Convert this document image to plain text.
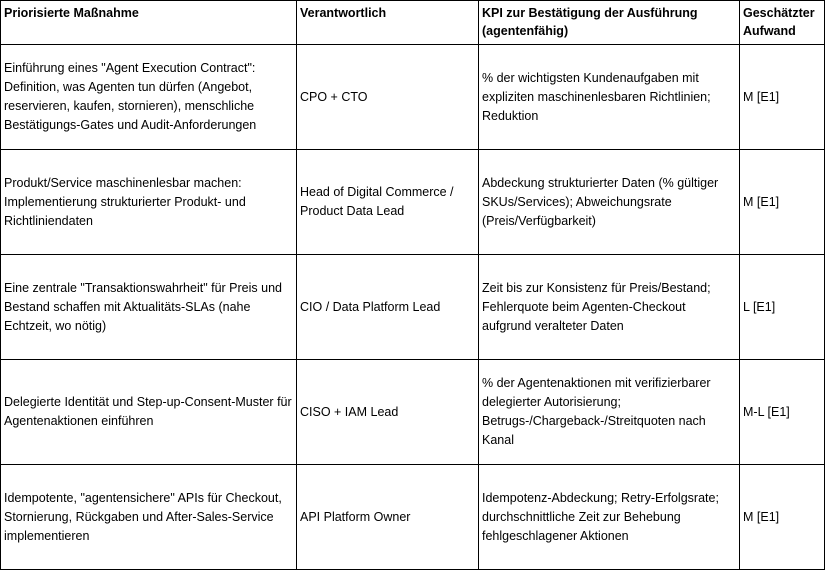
Priorisierte Maßnahme	Verantwortlich	KPI zur Bestätigung der Ausführung (agentenfähig)	Geschätzter Aufwand
Einführung eines "Agent Execution Contract": Definition, was Agenten tun dürfen (Angebot, reservieren, kaufen, stornieren), menschliche Bestätigungs-Gates und Audit-Anforderungen	CPO + CTO	% der wichtigsten Kundenaufgaben mit expliziten maschinenlesbaren Richtlinien; Reduktion	M [E1]
Produkt/Service maschinenlesbar machen: Implementierung strukturierter Produkt- und Richtliniendaten	Head of Digital Commerce / Product Data Lead	Abdeckung strukturierter Daten (% gültiger SKUs/Services); Abweichungsrate (Preis/Verfügbarkeit)	M [E1]
Eine zentrale "Transaktionswahrheit" für Preis und Bestand schaffen mit Aktualitäts-SLAs (nahe Echtzeit, wo nötig)	CIO / Data Platform Lead	Zeit bis zur Konsistenz für Preis/Bestand; Fehlerquote beim Agenten-Checkout aufgrund veralteter Daten	L [E1]
Delegierte Identität und Step-up-Consent-Muster für Agentenaktionen einführen	CISO + IAM Lead	% der Agentenaktionen mit verifizierbarer delegierter Autorisierung; Betrugs-/Chargeback-/Streitquoten nach Kanal	M-L [E1]
Idempotente, "agentensichere" APIs für Checkout, Stornierung, Rückgaben und After-Sales-Service implementieren	API Platform Owner	Idempotenz-Abdeckung; Retry-Erfolgsrate; durchschnittliche Zeit zur Behebung fehlgeschlagener Aktionen	M [E1]
